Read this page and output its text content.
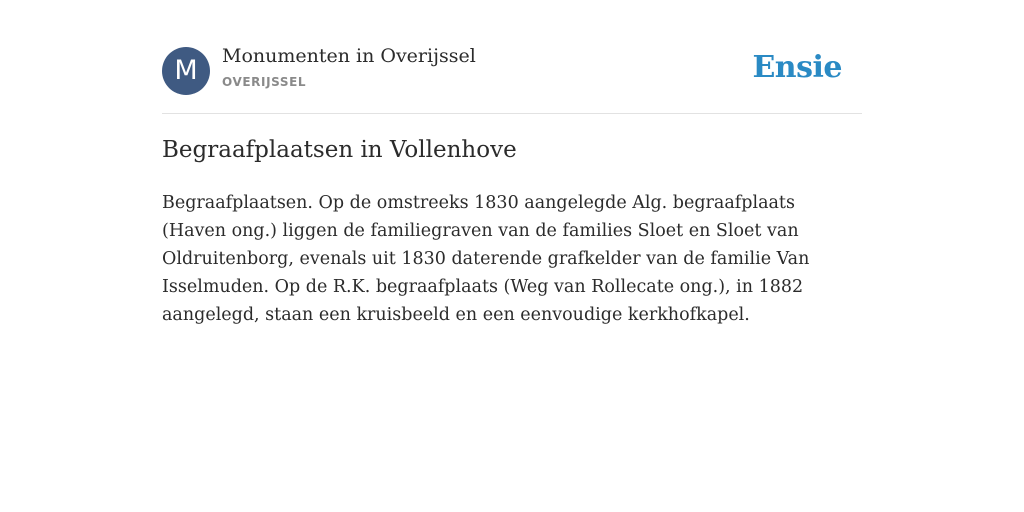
M	Monumenten in Overijssel
OVERIJSSEL	Ensie
Begraafplaatsen in Vollenhove

Begraafplaatsen. Op de omstreeks 1830 aangelegde Alg. begraafplaats (Haven ong.) liggen de familiegraven van de families Sloet en Sloet van Oldruitenborg, evenals uit 1830 daterende grafkelder van de familie Van Isselmuden. Op de R.K. begraafplaats (Weg van Rollecate ong.), in 1882 aangelegd, staan een kruisbeeld en een eenvoudige kerkhofkapel.
